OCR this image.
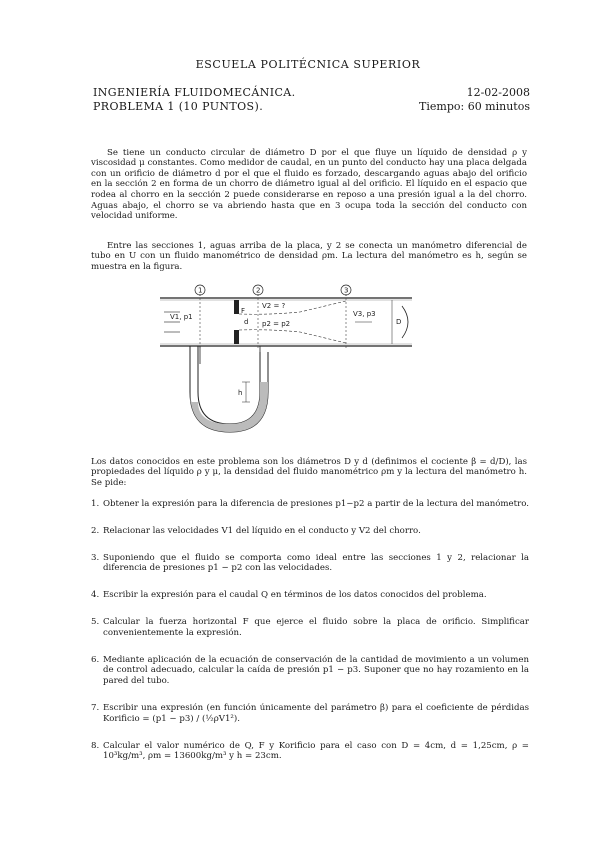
ESCUELA POLITÉCNICA SUPERIOR
INGENIERÍA FLUIDOMECÁNICA.
PROBLEMA 1 (10 PUNTOS).
12-02-2008
Tiempo: 60 minutos

Se tiene un conducto circular de diámetro D por el que fluye un líquido de densidad ρ y viscosidad μ constantes. Como medidor de caudal, en un punto del conducto hay una placa delgada con un orificio de diámetro d por el que el fluido es forzado, descargando aguas abajo del orificio en la sección 2 en forma de un chorro de diámetro igual al del orificio. El líquido en el espacio que rodea al chorro en la sección 2 puede considerarse en reposo a una presión igual a la del chorro. Aguas abajo, el chorro se va abriendo hasta que en 3 ocupa toda la sección del conducto con velocidad uniforme.

Entre las secciones 1, aguas arriba de la placa, y 2 se conecta un manómetro diferencial de tubo en U con un fluido manométrico de densidad ρm. La lectura del manómetro es h, según se muestra en la figura.

1	2	3
V1, p1
V2 = ?
p2 = p2
V3, p3
d	D
F
h

Los datos conocidos en este problema son los diámetros D y d (definimos el cociente β = d/D), las propiedades del líquido ρ y μ, la densidad del fluido manométrico ρm y la lectura del manómetro h. Se pide:

1. Obtener la expresión para la diferencia de presiones p1−p2 a partir de la lectura del manómetro.
2. Relacionar las velocidades V1 del líquido en el conducto y V2 del chorro.
3. Suponiendo que el fluido se comporta como ideal entre las secciones 1 y 2, relacionar la diferencia de presiones p1 − p2 con las velocidades.
4. Escribir la expresión para el caudal Q en términos de los datos conocidos del problema.
5. Calcular la fuerza horizontal F que ejerce el fluido sobre la placa de orificio. Simplificar convenientemente la expresión.
6. Mediante aplicación de la ecuación de conservación de la cantidad de movimiento a un volumen de control adecuado, calcular la caída de presión p1 − p3. Suponer que no hay rozamiento en la pared del tubo.
7. Escribir una expresión (en función únicamente del parámetro β) para el coeficiente de pérdidas Korificio = (p1 − p3) / (½ρV1²).
8. Calcular el valor numérico de Q, F y Korificio para el caso con D = 4cm, d = 1,25cm, ρ = 10³kg/m³, ρm = 13600kg/m³ y h = 23cm.
